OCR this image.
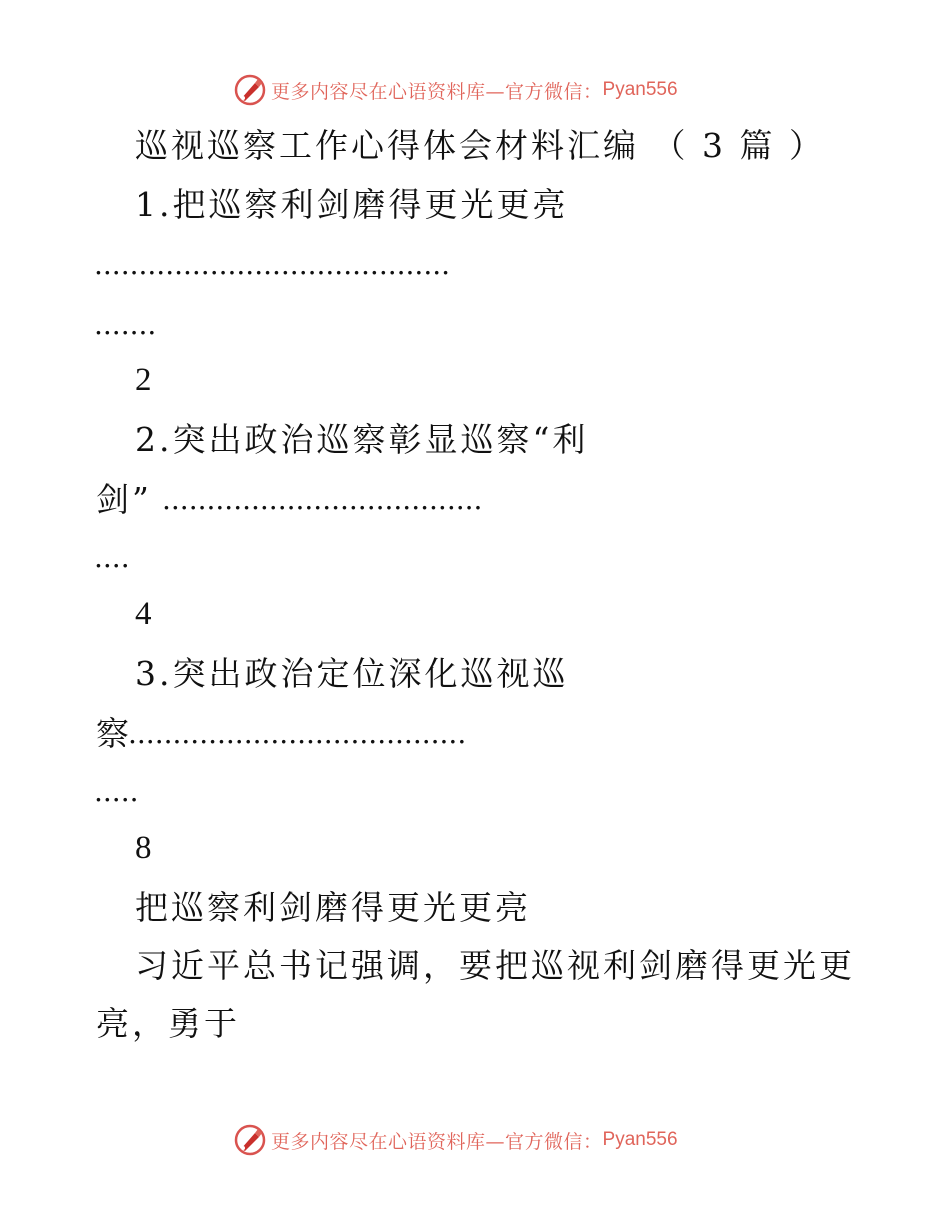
更多内容尽在心语资料库—官方微信： Pyan556
巡视巡察工作心得体会材料汇编 （ 3 篇 ）
1.把巡察利剑磨得更光更亮
........................................
.......
2
2.突出政治巡察彰显巡察“利
剑” ....................................
....
4
3.突出政治定位深化巡视巡
察
......................................
.....
8
把巡察利剑磨得更光更亮
习近平总书记强调，要把巡视利剑磨得更光更
亮，勇于
更多内容尽在心语资料库—官方微信： Pyan556
